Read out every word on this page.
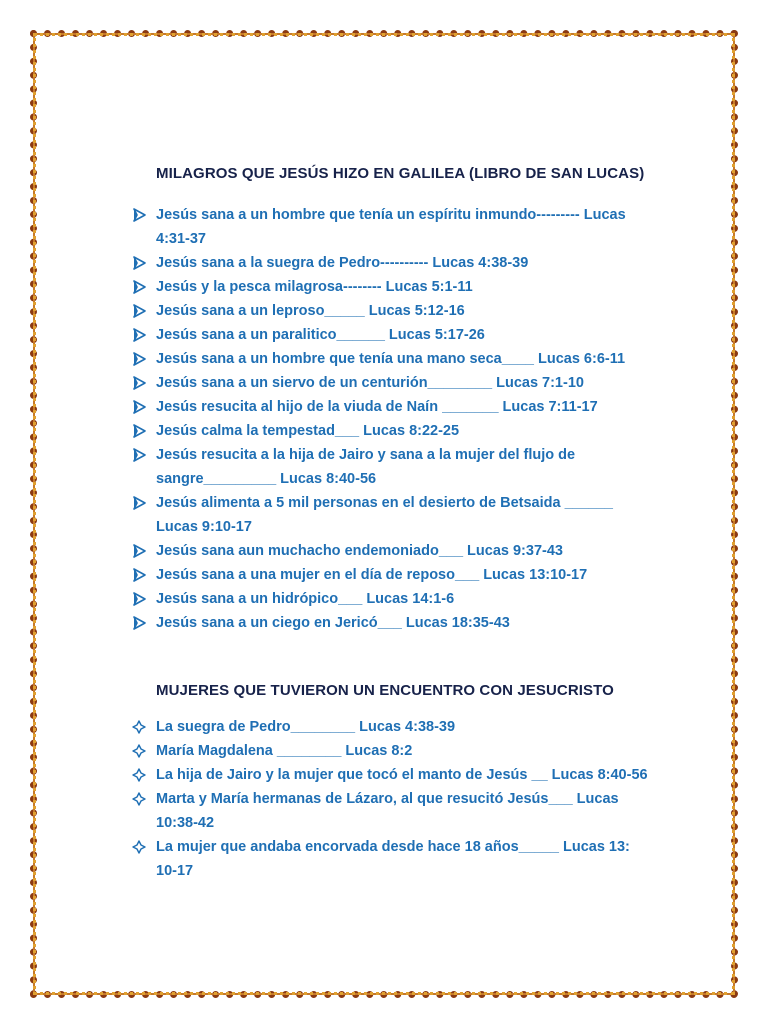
MILAGROS QUE JESÚS HIZO EN GALILEA (LIBRO DE SAN LUCAS)
Jesús sana a un hombre que tenía un espíritu inmundo--------- Lucas 4:31-37
Jesús sana a la suegra de Pedro---------- Lucas 4:38-39
Jesús y la pesca milagrosa-------- Lucas 5:1-11
Jesús sana a un leproso_____ Lucas 5:12-16
Jesús sana a un paralitico______ Lucas 5:17-26
Jesús sana a un hombre que tenía una mano seca____ Lucas 6:6-11
Jesús sana a un siervo de un centurión________ Lucas 7:1-10
Jesús resucita al hijo de la viuda de Naín _______ Lucas 7:11-17
Jesús calma la tempestad___ Lucas 8:22-25
Jesús resucita a la hija de Jairo y sana a la mujer del flujo de sangre_________ Lucas 8:40-56
Jesús alimenta a 5 mil personas en el desierto de Betsaida ______ Lucas 9:10-17
Jesús sana aun muchacho endemoniado___ Lucas 9:37-43
Jesús sana a una mujer en el día de reposo___ Lucas 13:10-17
Jesús sana a un hidrópico___ Lucas 14:1-6
Jesús sana a un ciego en Jericó___ Lucas 18:35-43
MUJERES QUE TUVIERON UN ENCUENTRO CON JESUCRISTO
La suegra de Pedro________ Lucas 4:38-39
María Magdalena ________ Lucas 8:2
La hija de Jairo y la mujer que tocó el manto de Jesús __ Lucas 8:40-56
Marta y María hermanas de Lázaro, al que resucitó Jesús___ Lucas 10:38-42
La mujer que andaba encorvada desde hace 18 años_____ Lucas 13: 10-17
